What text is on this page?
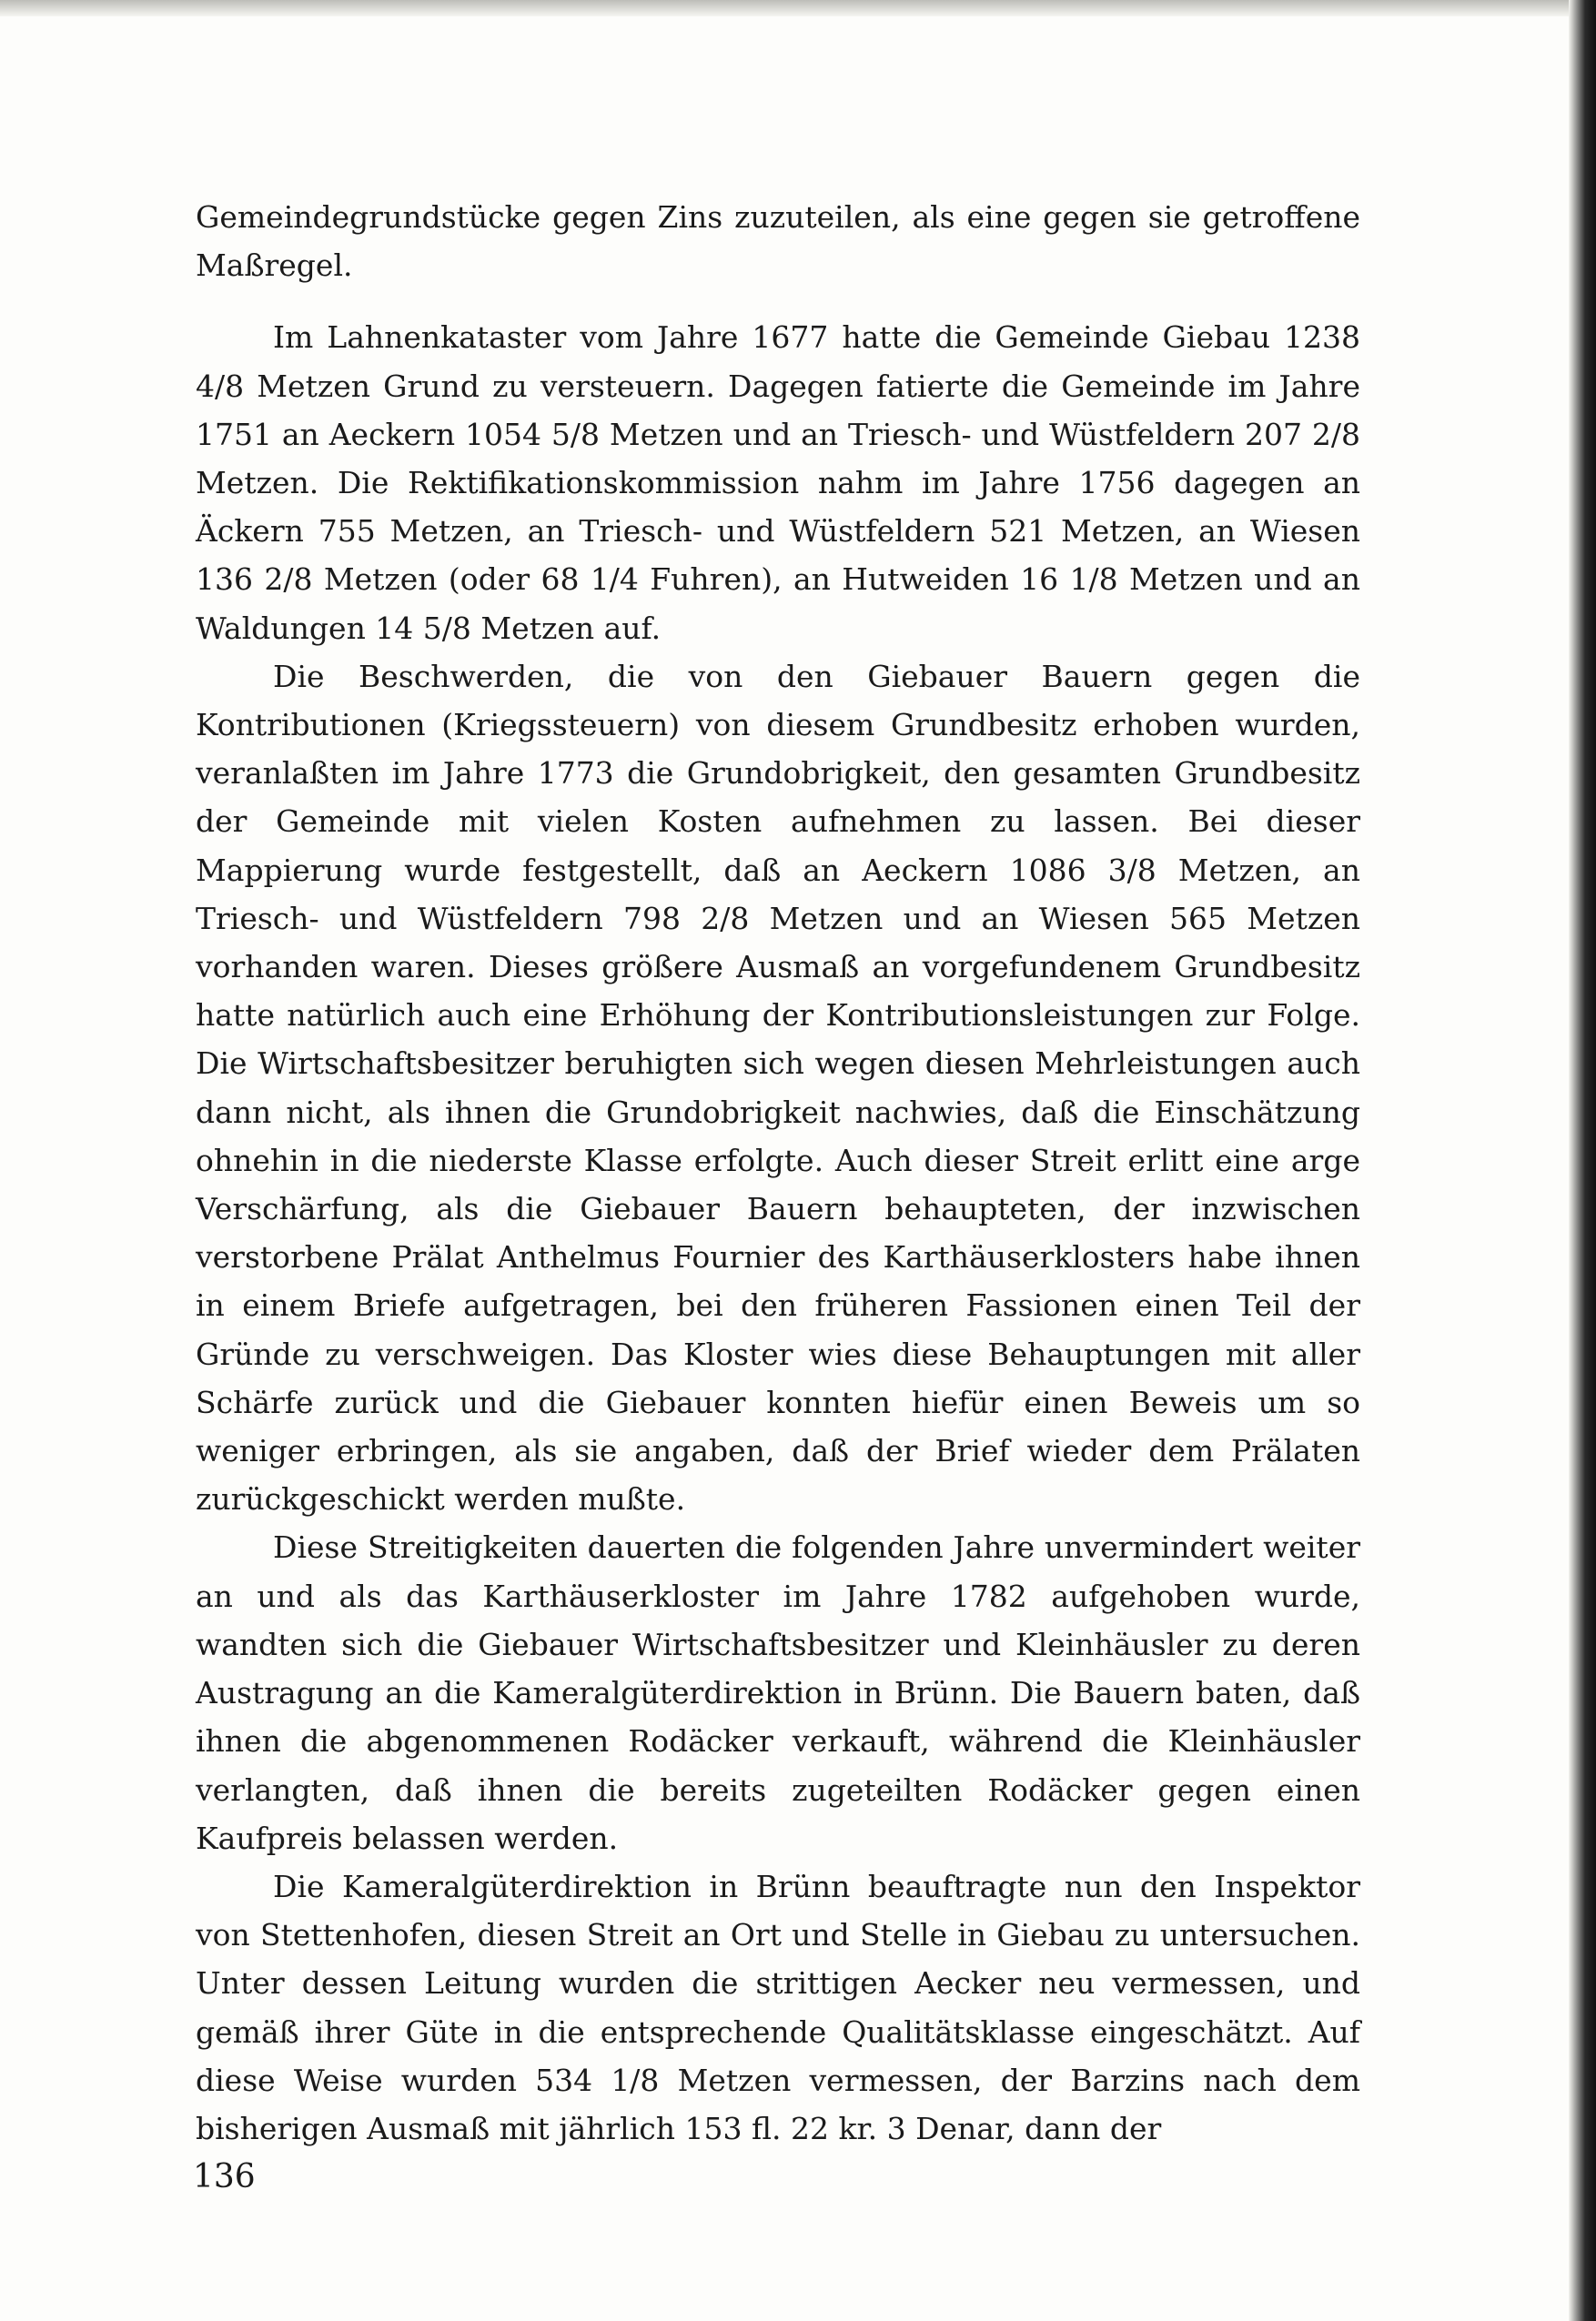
Gemeindegrundstücke gegen Zins zuzuteilen, als eine gegen sie getroffene Maßregel.

Im Lahnenkataster vom Jahre 1677 hatte die Gemeinde Giebau 1238 4/8 Metzen Grund zu versteuern. Dagegen fatierte die Gemeinde im Jahre 1751 an Aeckern 1054 5/8 Metzen und an Triesch- und Wüstfeldern 207 2/8 Metzen. Die Rektifikationskommission nahm im Jahre 1756 dagegen an Äckern 755 Metzen, an Triesch- und Wüstfeldern 521 Metzen, an Wiesen 136 2/8 Metzen (oder 68 1/4 Fuhren), an Hutweiden 16 1/8 Metzen und an Waldungen 14 5/8 Metzen auf.

Die Beschwerden, die von den Giebauer Bauern gegen die Kontributionen (Kriegssteuern) von diesem Grundbesitz erhoben wurden, veranlaßten im Jahre 1773 die Grundobrigkeit, den gesamten Grundbesitz der Gemeinde mit vielen Kosten aufnehmen zu lassen. Bei dieser Mappierung wurde festgestellt, daß an Aeckern 1086 3/8 Metzen, an Triesch- und Wüstfeldern 798 2/8 Metzen und an Wiesen 565 Metzen vorhanden waren. Dieses größere Ausmaß an vorgefundenem Grundbesitz hatte natürlich auch eine Erhöhung der Kontributionsleistungen zur Folge. Die Wirtschaftsbesitzer beruhigten sich wegen diesen Mehrleistungen auch dann nicht, als ihnen die Grundobrigkeit nachwies, daß die Einschätzung ohnehin in die niederste Klasse erfolgte. Auch dieser Streit erlitt eine arge Verschärfung, als die Giebauer Bauern behaupteten, der inzwischen verstorbene Prälat Anthelmus Fournier des Karthäuserklosters habe ihnen in einem Briefe aufgetragen, bei den früheren Fassionen einen Teil der Gründe zu verschweigen. Das Kloster wies diese Behauptungen mit aller Schärfe zurück und die Giebauer konnten hiefür einen Beweis um so weniger erbringen, als sie angaben, daß der Brief wieder dem Prälaten zurückgeschickt werden mußte.

Diese Streitigkeiten dauerten die folgenden Jahre unvermindert weiter an und als das Karthäuserkloster im Jahre 1782 aufgehoben wurde, wandten sich die Giebauer Wirtschaftsbesitzer und Kleinhäusler zu deren Austragung an die Kameralgüterdirektion in Brünn. Die Bauern baten, daß ihnen die abgenommenen Rodäcker verkauft, während die Kleinhäusler verlangten, daß ihnen die bereits zugeteilten Rodäcker gegen einen Kaufpreis belassen werden.

Die Kameralgüterdirektion in Brünn beauftragte nun den Inspektor von Stettenhofen, diesen Streit an Ort und Stelle in Giebau zu untersuchen. Unter dessen Leitung wurden die strittigen Aecker neu vermessen, und gemäß ihrer Güte in die entsprechende Qualitätsklasse eingeschätzt. Auf diese Weise wurden 534 1/8 Metzen vermessen, der Barzins nach dem bisherigen Ausmaß mit jährlich 153 fl. 22 kr. 3 Denar, dann der

136
